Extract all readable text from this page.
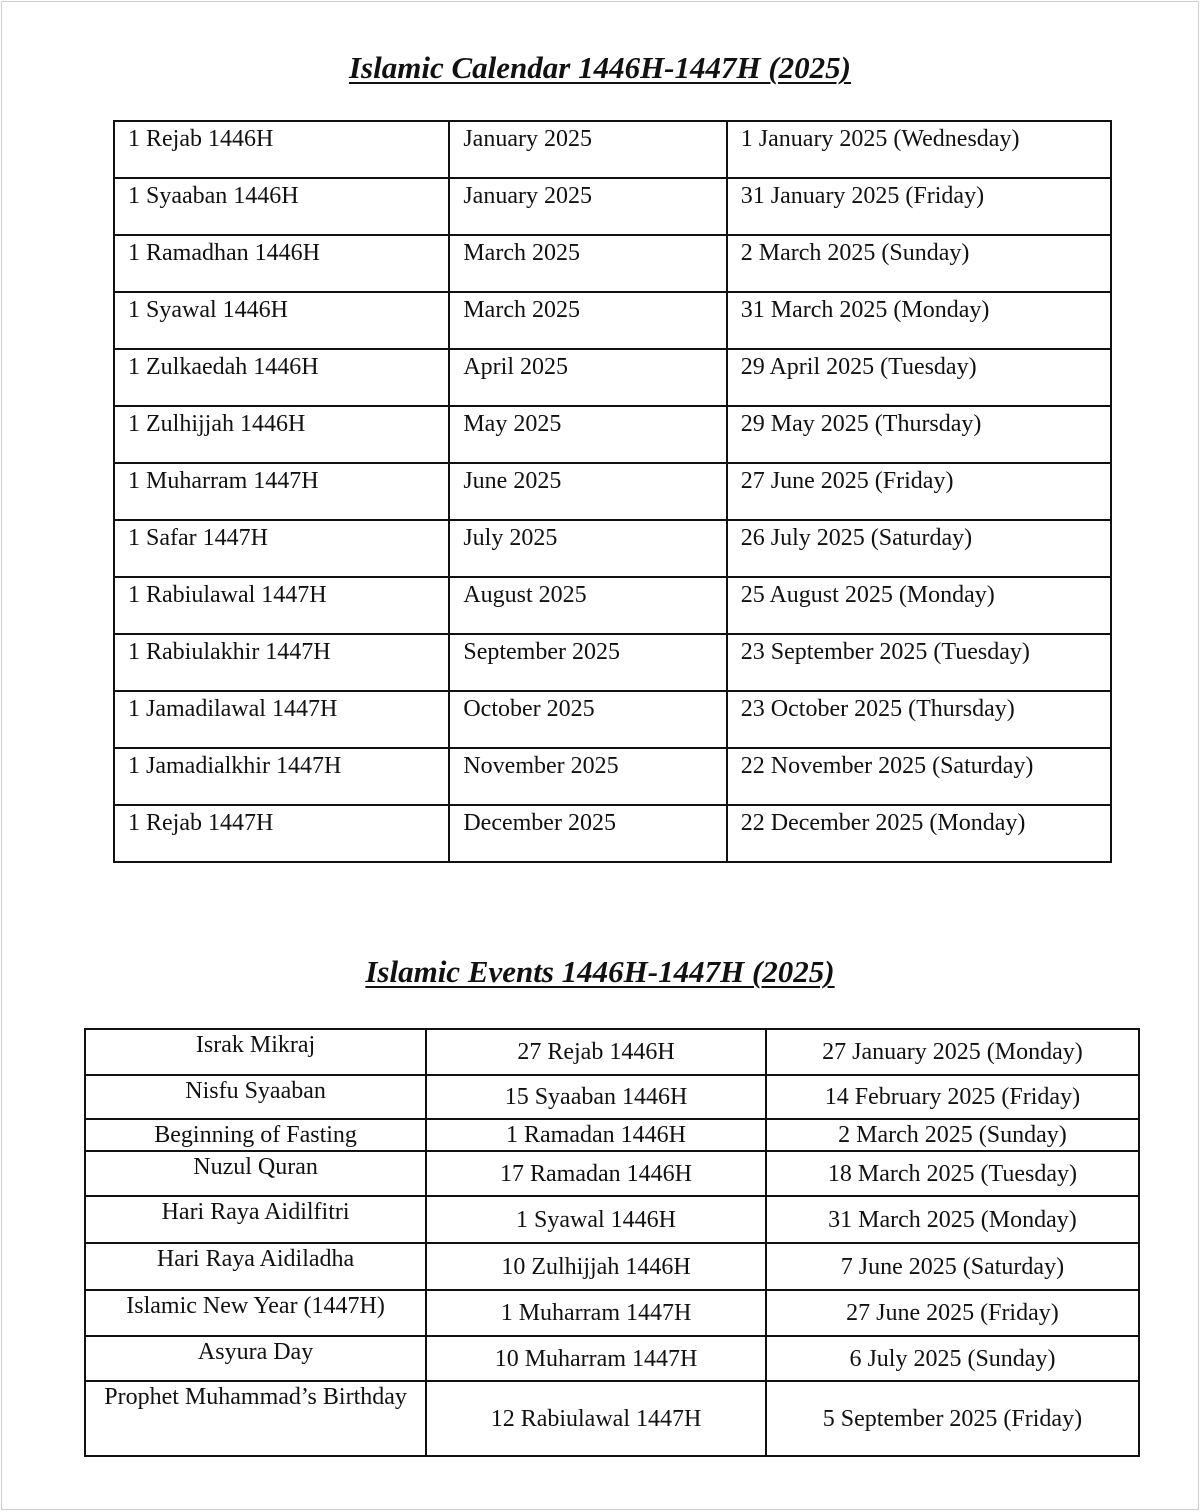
Islamic Calendar 1446H-1447H (2025)
1 Rejab 1446H	January 2025	1 January 2025 (Wednesday)
1 Syaaban 1446H	January 2025	31 January 2025 (Friday)
1 Ramadhan 1446H	March 2025	2 March 2025 (Sunday)
1 Syawal 1446H	March 2025	31 March 2025 (Monday)
1 Zulkaedah 1446H	April 2025	29 April 2025 (Tuesday)
1 Zulhijjah 1446H	May 2025	29 May 2025 (Thursday)
1 Muharram 1447H	June 2025	27 June 2025 (Friday)
1 Safar 1447H	July 2025	26 July 2025 (Saturday)
1 Rabiulawal 1447H	August 2025	25 August 2025 (Monday)
1 Rabiulakhir 1447H	September 2025	23 September 2025 (Tuesday)
1 Jamadilawal 1447H	October 2025	23 October 2025 (Thursday)
1 Jamadialkhir 1447H	November 2025	22 November 2025 (Saturday)
1 Rejab 1447H	December 2025	22 December 2025 (Monday)
Islamic Events 1446H-1447H (2025)
Israk Mikraj	27 Rejab 1446H	27 January 2025 (Monday)
Nisfu Syaaban	15 Syaaban 1446H	14 February 2025 (Friday)
Beginning of Fasting	1 Ramadan 1446H	2 March 2025 (Sunday)
Nuzul Quran	17 Ramadan 1446H	18 March 2025 (Tuesday)
Hari Raya Aidilfitri	1 Syawal 1446H	31 March 2025 (Monday)
Hari Raya Aidiladha	10 Zulhijjah 1446H	7 June 2025 (Saturday)
Islamic New Year (1447H)	1 Muharram 1447H	27 June 2025 (Friday)
Asyura Day	10 Muharram 1447H	6 July 2025 (Sunday)
Prophet Muhammad’s Birthday	12 Rabiulawal 1447H	5 September 2025 (Friday)
